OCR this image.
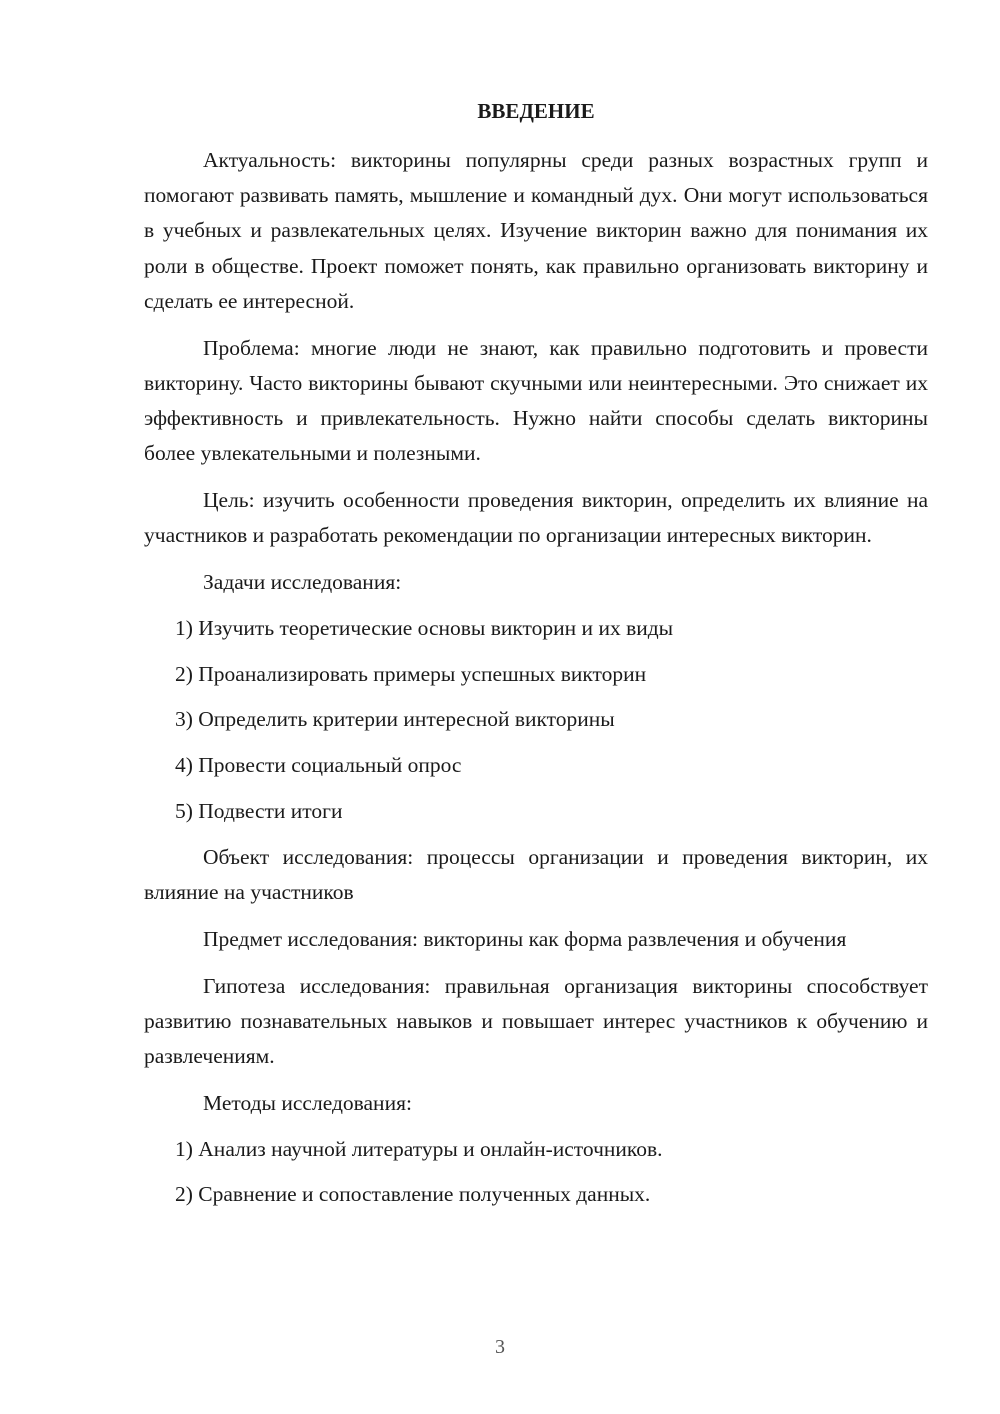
ВВЕДЕНИЕ

Актуальность: викторины популярны среди разных возрастных групп и помогают развивать память, мышление и командный дух. Они могут использоваться в учебных и развлекательных целях. Изучение викторин важно для понимания их роли в обществе. Проект поможет понять, как правильно организовать викторину и сделать ее интересной.

Проблема: многие люди не знают, как правильно подготовить и провести викторину. Часто викторины бывают скучными или неинтересными. Это снижает их эффективность и привлекательность. Нужно найти способы сделать викторины более увлекательными и полезными.

Цель: изучить особенности проведения викторин, определить их влияние на участников и разработать рекомендации по организации интересных викторин.

Задачи исследования:

1) Изучить теоретические основы викторин и их виды

2) Проанализировать примеры успешных викторин

3) Определить критерии интересной викторины

4) Провести социальный опрос

5) Подвести итоги

Объект исследования: процессы организации и проведения викторин, их влияние на участников

Предмет исследования: викторины как форма развлечения и обучения

Гипотеза исследования: правильная организация викторины способствует развитию познавательных навыков и повышает интерес участников к обучению и развлечениям.

Методы исследования:

1) Анализ научной литературы и онлайн-источников.

2) Сравнение и сопоставление полученных данных.

3
